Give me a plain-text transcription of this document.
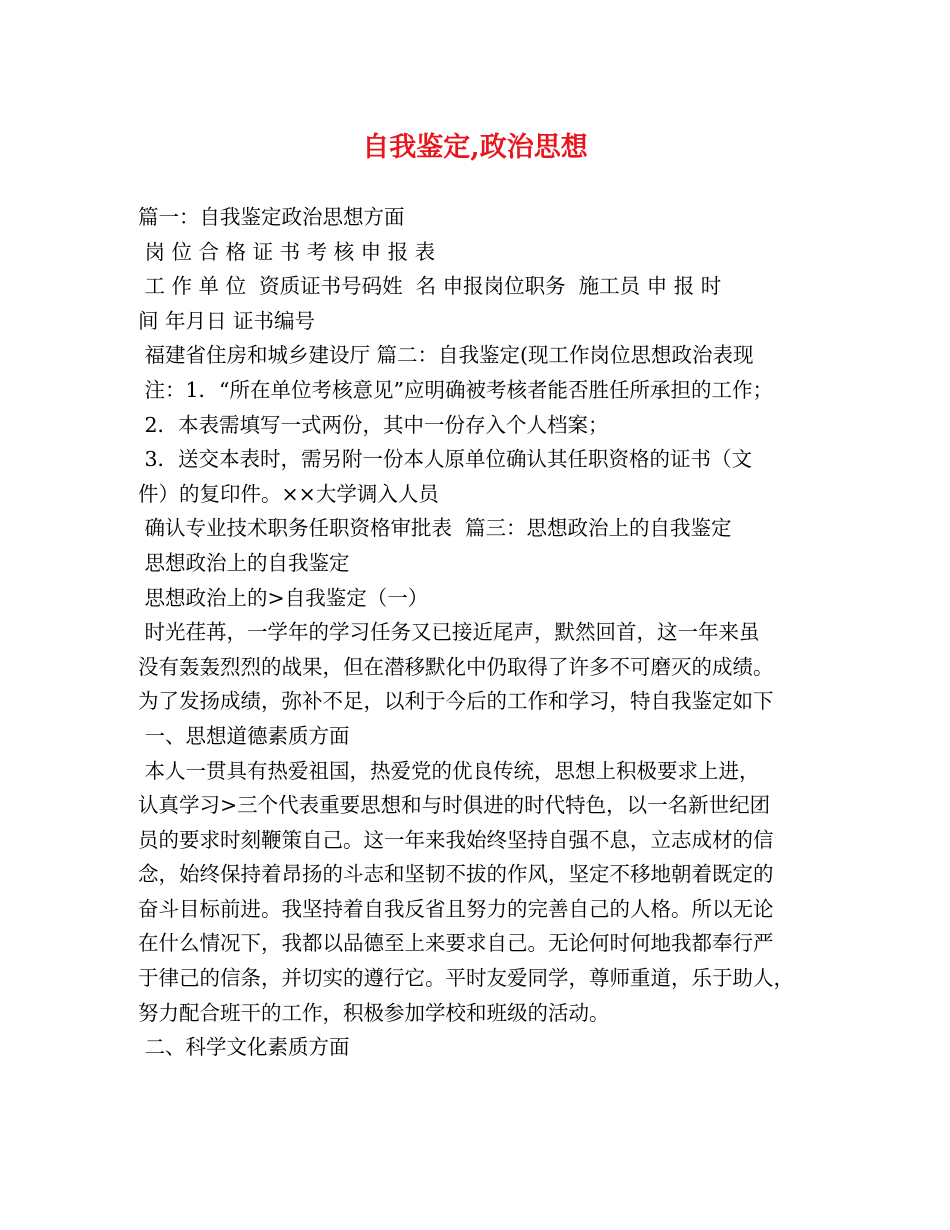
自我鉴定,政治思想
篇一：自我鉴定政治思想方面
岗 位 合 格 证 书 考 核 申 报 表
工 作 单 位  资质证书号码姓  名 申报岗位职务  施工员 申 报 时
间 年月日 证书编号
福建省住房和城乡建设厅 篇二：自我鉴定(现工作岗位思想政治表现
注：1．“所在单位考核意见”应明确被考核者能否胜任所承担的工作；
2．本表需填写一式两份，其中一份存入个人档案；
3．送交本表时，需另附一份本人原单位确认其任职资格的证书（文
件）的复印件。××大学调入人员
确认专业技术职务任职资格审批表  篇三：思想政治上的自我鉴定
思想政治上的自我鉴定
思想政治上的>自我鉴定（一）
时光荏苒，一学年的学习任务又已接近尾声，默然回首，这一年来虽
没有轰轰烈烈的战果，但在潜移默化中仍取得了许多不可磨灭的成绩。
为了发扬成绩，弥补不足，以利于今后的工作和学习，特自我鉴定如下
一、思想道德素质方面
本人一贯具有热爱祖国，热爱党的优良传统，思想上积极要求上进，
认真学习>三个代表重要思想和与时俱进的时代特色，以一名新世纪团
员的要求时刻鞭策自己。这一年来我始终坚持自强不息，立志成材的信
念，始终保持着昂扬的斗志和坚韧不拔的作风，坚定不移地朝着既定的
奋斗目标前进。我坚持着自我反省且努力的完善自己的人格。所以无论
在什么情况下，我都以品德至上来要求自己。无论何时何地我都奉行严
于律己的信条，并切实的遵行它。平时友爱同学，尊师重道，乐于助人，
努力配合班干的工作，积极参加学校和班级的活动。
二、科学文化素质方面
